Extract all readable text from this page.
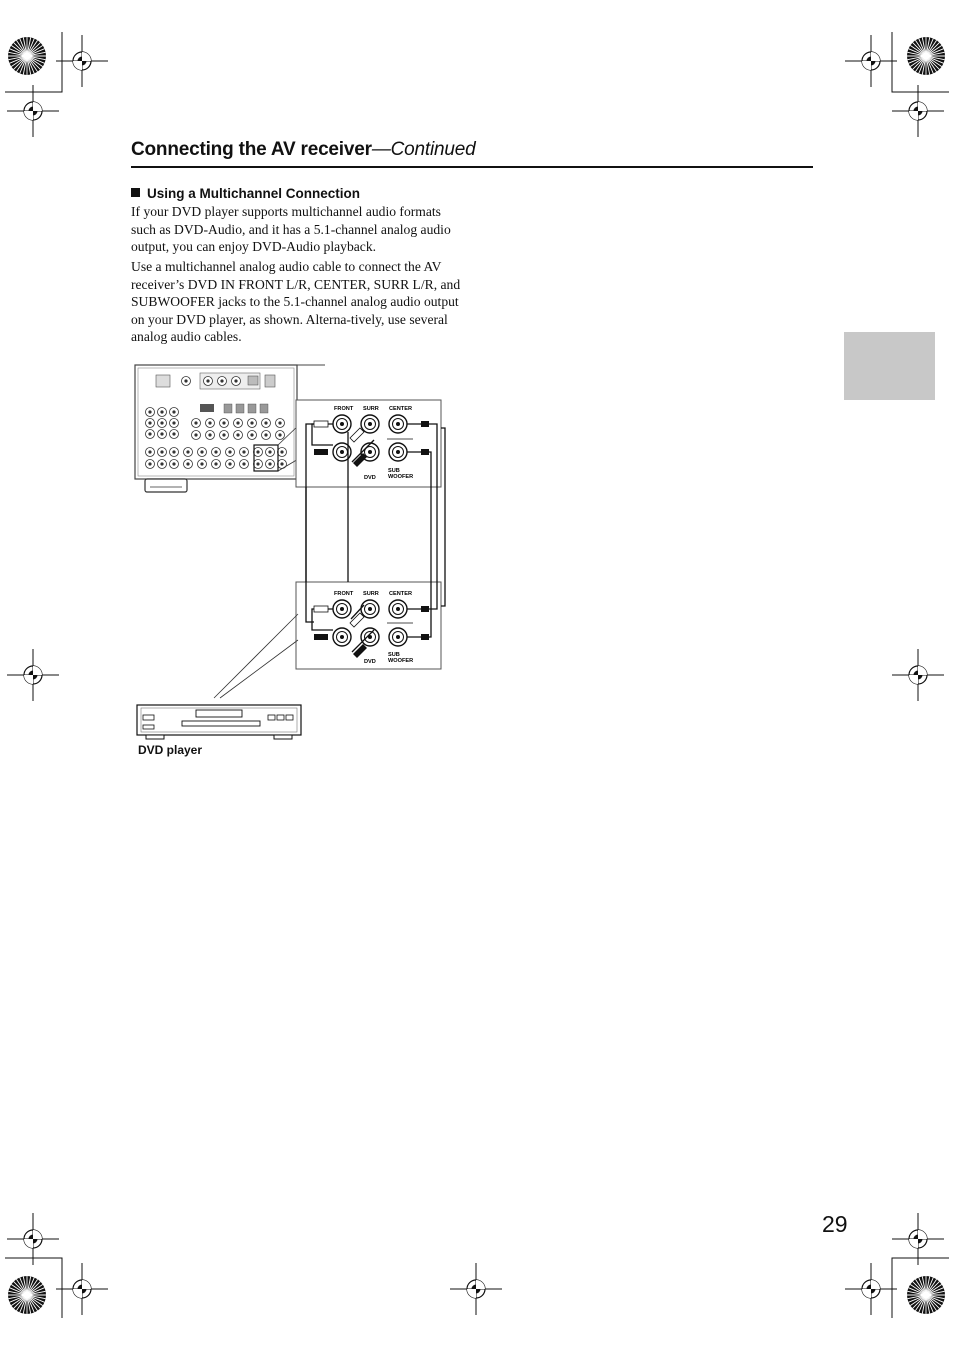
Connecting the AV receiver—Continued
Using a Multichannel Connection
If your DVD player supports multichannel audio formats such as DVD-Audio, and it has a 5.1-channel analog audio output, you can enjoy DVD-Audio playback.
Use a multichannel analog audio cable to connect the AV receiver’s DVD IN FRONT L/R, CENTER, SURR L/R, and SUBWOOFER jacks to the 5.1-channel analog audio output on your DVD player, as shown. Alterna-tively, use several analog audio cables.
FRONT SURR CENTER
DVD
SUB
WOOFER
FRONT SURR CENTER
DVD
SUB
WOOFER
DVD player
29
